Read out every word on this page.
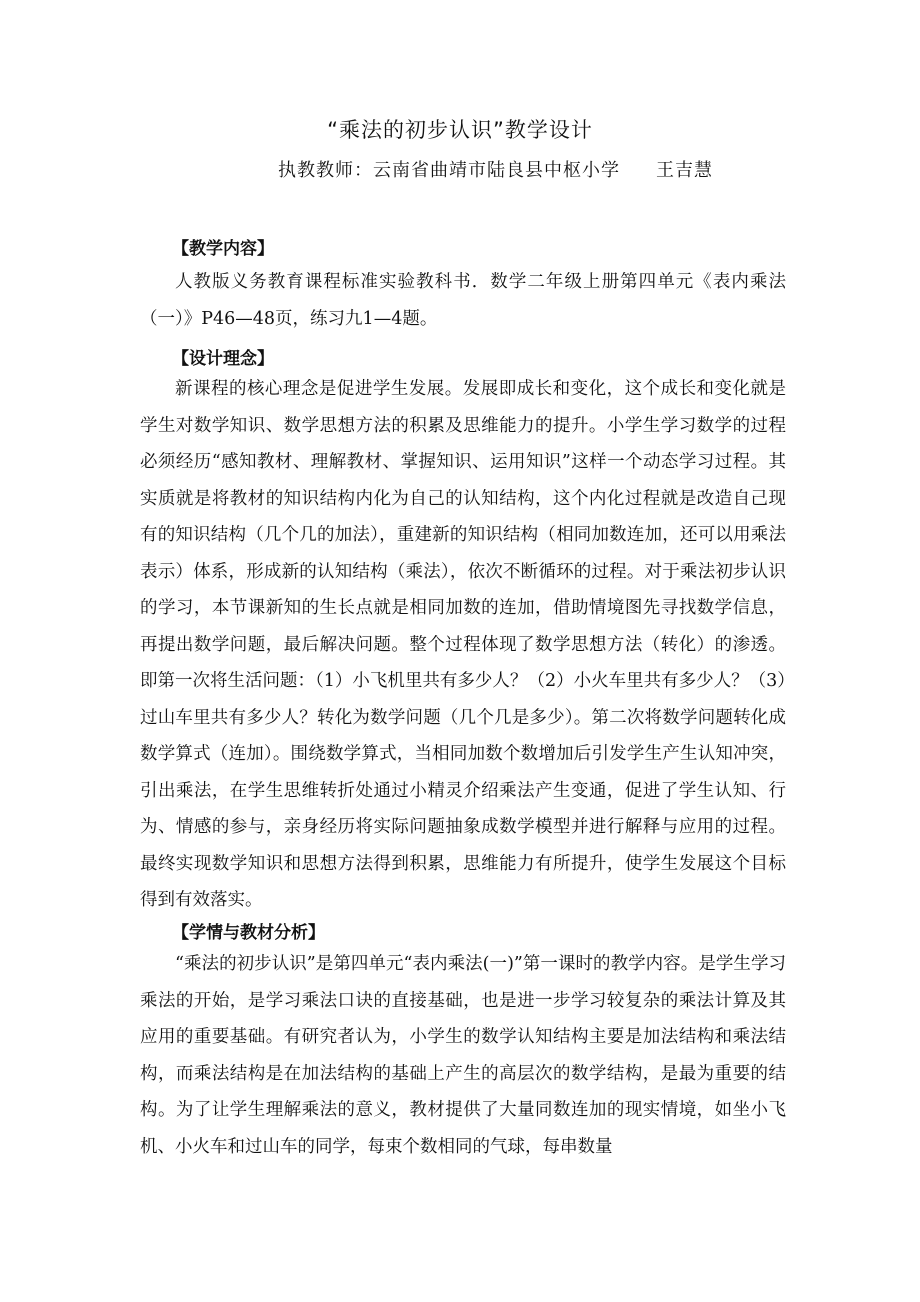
“乘法的初步认识”教学设计
执教教师：云南省曲靖市陆良县中枢小学 王吉慧
【教学内容】

人教版义务教育课程标准实验教科书．数学二年级上册第四单元《表内乘法（一）》P46—48页，练习九1—4题。

【设计理念】

新课程的核心理念是促进学生发展。发展即成长和变化，这个成长和变化就是学生对数学知识、数学思想方法的积累及思维能力的提升。小学生学习数学的过程必须经历“感知教材、理解教材、掌握知识、运用知识”这样一个动态学习过程。其实质就是将教材的知识结构内化为自己的认知结构，这个内化过程就是改造自己现有的知识结构（几个几的加法），重建新的知识结构（相同加数连加，还可以用乘法表示）体系，形成新的认知结构（乘法），依次不断循环的过程。对于乘法初步认识的学习，本节课新知的生长点就是相同加数的连加，借助情境图先寻找数学信息，再提出数学问题，最后解决问题。整个过程体现了数学思想方法（转化）的渗透。即第一次将生活问题：（1）小飞机里共有多少人？（2）小火车里共有多少人？（3）过山车里共有多少人？转化为数学问题（几个几是多少）。第二次将数学问题转化成数学算式（连加）。围绕数学算式，当相同加数个数增加后引发学生产生认知冲突，引出乘法，在学生思维转折处通过小精灵介绍乘法产生变通，促进了学生认知、行为、情感的参与，亲身经历将实际问题抽象成数学模型并进行解释与应用的过程。最终实现数学知识和思想方法得到积累，思维能力有所提升，使学生发展这个目标得到有效落实。

【学情与教材分析】

“乘法的初步认识”是第四单元“表内乘法(一)”第一课时的教学内容。是学生学习乘法的开始，是学习乘法口诀的直接基础，也是进一步学习较复杂的乘法计算及其应用的重要基础。有研究者认为，小学生的数学认知结构主要是加法结构和乘法结构，而乘法结构是在加法结构的基础上产生的高层次的数学结构，是最为重要的结构。为了让学生理解乘法的意义，教材提供了大量同数连加的现实情境，如坐小飞机、小火车和过山车的同学，每束个数相同的气球，每串数量
